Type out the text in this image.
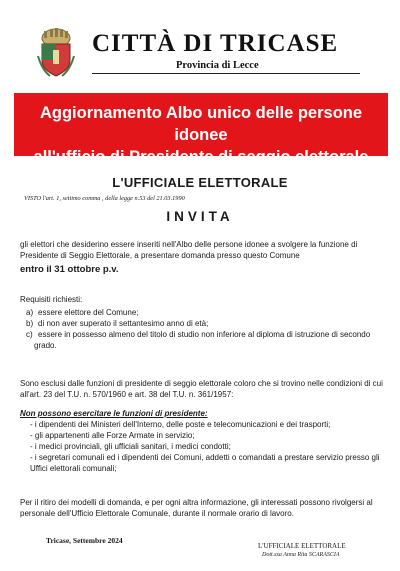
CITTÀ DI TRICASE
Provincia di Lecce
Aggiornamento Albo unico delle persone idonee
all'ufficio di Presidente di seggio elettorale
L'UFFICIALE ELETTORALE
VISTO l'art. 1, settimo comma , della legge n.53 del 21.03.1990
INVITA

gli elettori che desiderino essere inseriti nell'Albo delle persone idonee a svolgere la funzione di Presidente di Seggio Elettorale, a presentare domanda presso questo Comune

entro il 31 ottobre p.v.

Requisiti richiesti:
a) essere elettore del Comune;
b) di non aver superato il settantesimo anno di età;
c) essere in possesso almeno del titolo di studio non inferiore al diploma di istruzione di secondo grado.

Sono esclusi dalle funzioni di presidente di seggio elettorale coloro che si trovino nelle condizioni di cui all'art. 23 del T.U. n. 570/1960 e art. 38 del T.U. n. 361/1957:

Non possono esercitare le funzioni di presidente:

- i dipendenti dei Ministeri dell'Interno, delle poste e telecomunicazioni e dei trasporti;
- gli appartenenti alle Forze Armate in servizio;
- i medici provinciali, gli ufficiali sanitari, i medici condotti;
- i segretari comunali ed i dipendenti dei Comuni, addetti o comandati a prestare servizio presso gli Uffici elettorali comunali;

Per il ritiro dei modelli di domanda, e per ogni altra informazione, gli interessati possono rivolgersi al personale dell'Ufficio Elettorale Comunale, durante il normale orario di lavoro.

Tricase, Settembre 2024
L'UFFICIALE ELETTORALE
Dott.ssa Anna Rita SCARASCIA
